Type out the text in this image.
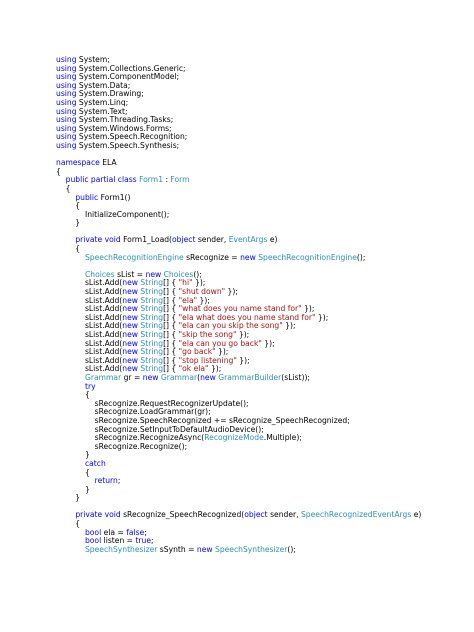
using System;
using System.Collections.Generic;
using System.ComponentModel;
using System.Data;
using System.Drawing;
using System.Linq;
using System.Text;
using System.Threading.Tasks;
using System.Windows.Forms;
using System.Speech.Recognition;
using System.Speech.Synthesis;
namespace ELA
{
public partial class Form1 : Form
{
public Form1()
{
InitializeComponent();
}
private void Form1_Load(object sender, EventArgs e)
{
SpeechRecognitionEngine sRecognize = new SpeechRecognitionEngine();
Choices sList = new Choices();
sList.Add(new String[] { "hi" });
sList.Add(new String[] { "shut down" });
sList.Add(new String[] { "ela" });
sList.Add(new String[] { "what does you name stand for" });
sList.Add(new String[] { "ela what does you name stand for" });
sList.Add(new String[] { "ela can you skip the song" });
sList.Add(new String[] { "skip the song" });
sList.Add(new String[] { "ela can you go back" });
sList.Add(new String[] { "go back" });
sList.Add(new String[] { "stop listening" });
sList.Add(new String[] { "ok ela" });
Grammar gr = new Grammar(new GrammarBuilder(sList));
try
{
sRecognize.RequestRecognizerUpdate();
sRecognize.LoadGrammar(gr);
sRecognize.SpeechRecognized += sRecognize_SpeechRecognized;
sRecognize.SetInputToDefaultAudioDevice();
sRecognize.RecognizeAsync(RecognizeMode.Multiple);
sRecognize.Recognize();
}
catch
{
return;
}
}
private void sRecognize_SpeechRecognized(object sender, SpeechRecognizedEventArgs e)
{
bool ela = false;
bool listen = true;
SpeechSynthesizer sSynth = new SpeechSynthesizer();
